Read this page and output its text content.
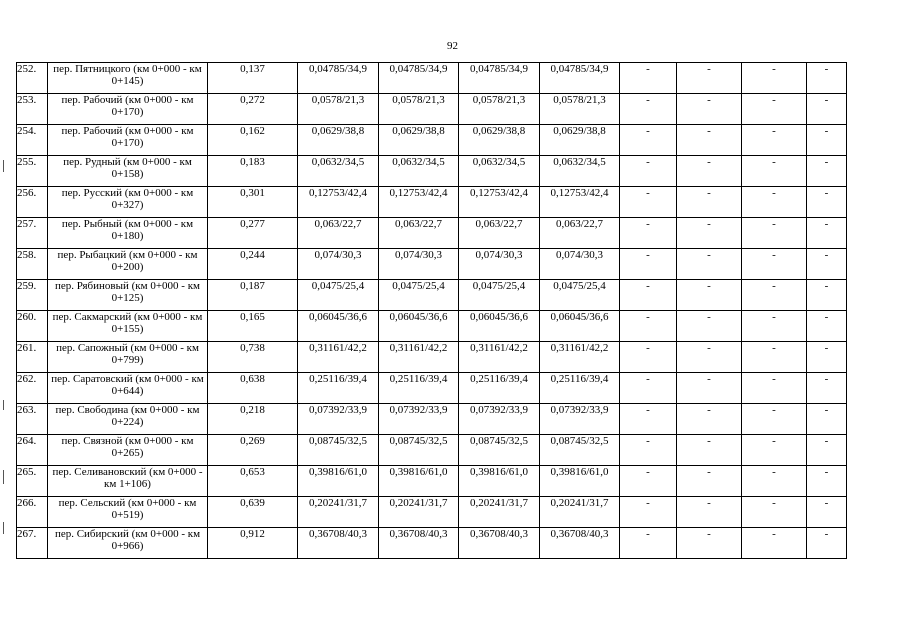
92
252.	пер. Пятницкого (км 0+000 - км 0+145)	0,137	0,04785/34,9	0,04785/34,9	0,04785/34,9	0,04785/34,9	-	-	-	-
253.	пер. Рабочий (км 0+000 - км 0+170)	0,272	0,0578/21,3	0,0578/21,3	0,0578/21,3	0,0578/21,3	-	-	-	-
254.	пер. Рабочий (км 0+000 - км 0+170)	0,162	0,0629/38,8	0,0629/38,8	0,0629/38,8	0,0629/38,8	-	-	-	-
255.	пер. Рудный (км 0+000 - км 0+158)	0,183	0,0632/34,5	0,0632/34,5	0,0632/34,5	0,0632/34,5	-	-	-	-
256.	пер. Русский (км 0+000 - км 0+327)	0,301	0,12753/42,4	0,12753/42,4	0,12753/42,4	0,12753/42,4	-	-	-	-
257.	пер. Рыбный (км 0+000 - км 0+180)	0,277	0,063/22,7	0,063/22,7	0,063/22,7	0,063/22,7	-	-	-	-
258.	пер. Рыбацкий (км 0+000 - км 0+200)	0,244	0,074/30,3	0,074/30,3	0,074/30,3	0,074/30,3	-	-	-	-
259.	пер. Рябиновый (км 0+000 - км 0+125)	0,187	0,0475/25,4	0,0475/25,4	0,0475/25,4	0,0475/25,4	-	-	-	-
260.	пер. Сакмарский (км 0+000 - км 0+155)	0,165	0,06045/36,6	0,06045/36,6	0,06045/36,6	0,06045/36,6	-	-	-	-
261.	пер. Сапожный (км 0+000 - км 0+799)	0,738	0,31161/42,2	0,31161/42,2	0,31161/42,2	0,31161/42,2	-	-	-	-
262.	пер. Саратовский (км 0+000 - км 0+644)	0,638	0,25116/39,4	0,25116/39,4	0,25116/39,4	0,25116/39,4	-	-	-	-
263.	пер. Свободина (км 0+000 - км 0+224)	0,218	0,07392/33,9	0,07392/33,9	0,07392/33,9	0,07392/33,9	-	-	-	-
264.	пер. Связной (км 0+000 - км 0+265)	0,269	0,08745/32,5	0,08745/32,5	0,08745/32,5	0,08745/32,5	-	-	-	-
265.	пер. Селивановский (км 0+000 - км 1+106)	0,653	0,39816/61,0	0,39816/61,0	0,39816/61,0	0,39816/61,0	-	-	-	-
266.	пер. Сельский (км 0+000 - км 0+519)	0,639	0,20241/31,7	0,20241/31,7	0,20241/31,7	0,20241/31,7	-	-	-	-
267.	пер. Сибирский (км 0+000 - км 0+966)	0,912	0,36708/40,3	0,36708/40,3	0,36708/40,3	0,36708/40,3	-	-	-	-
